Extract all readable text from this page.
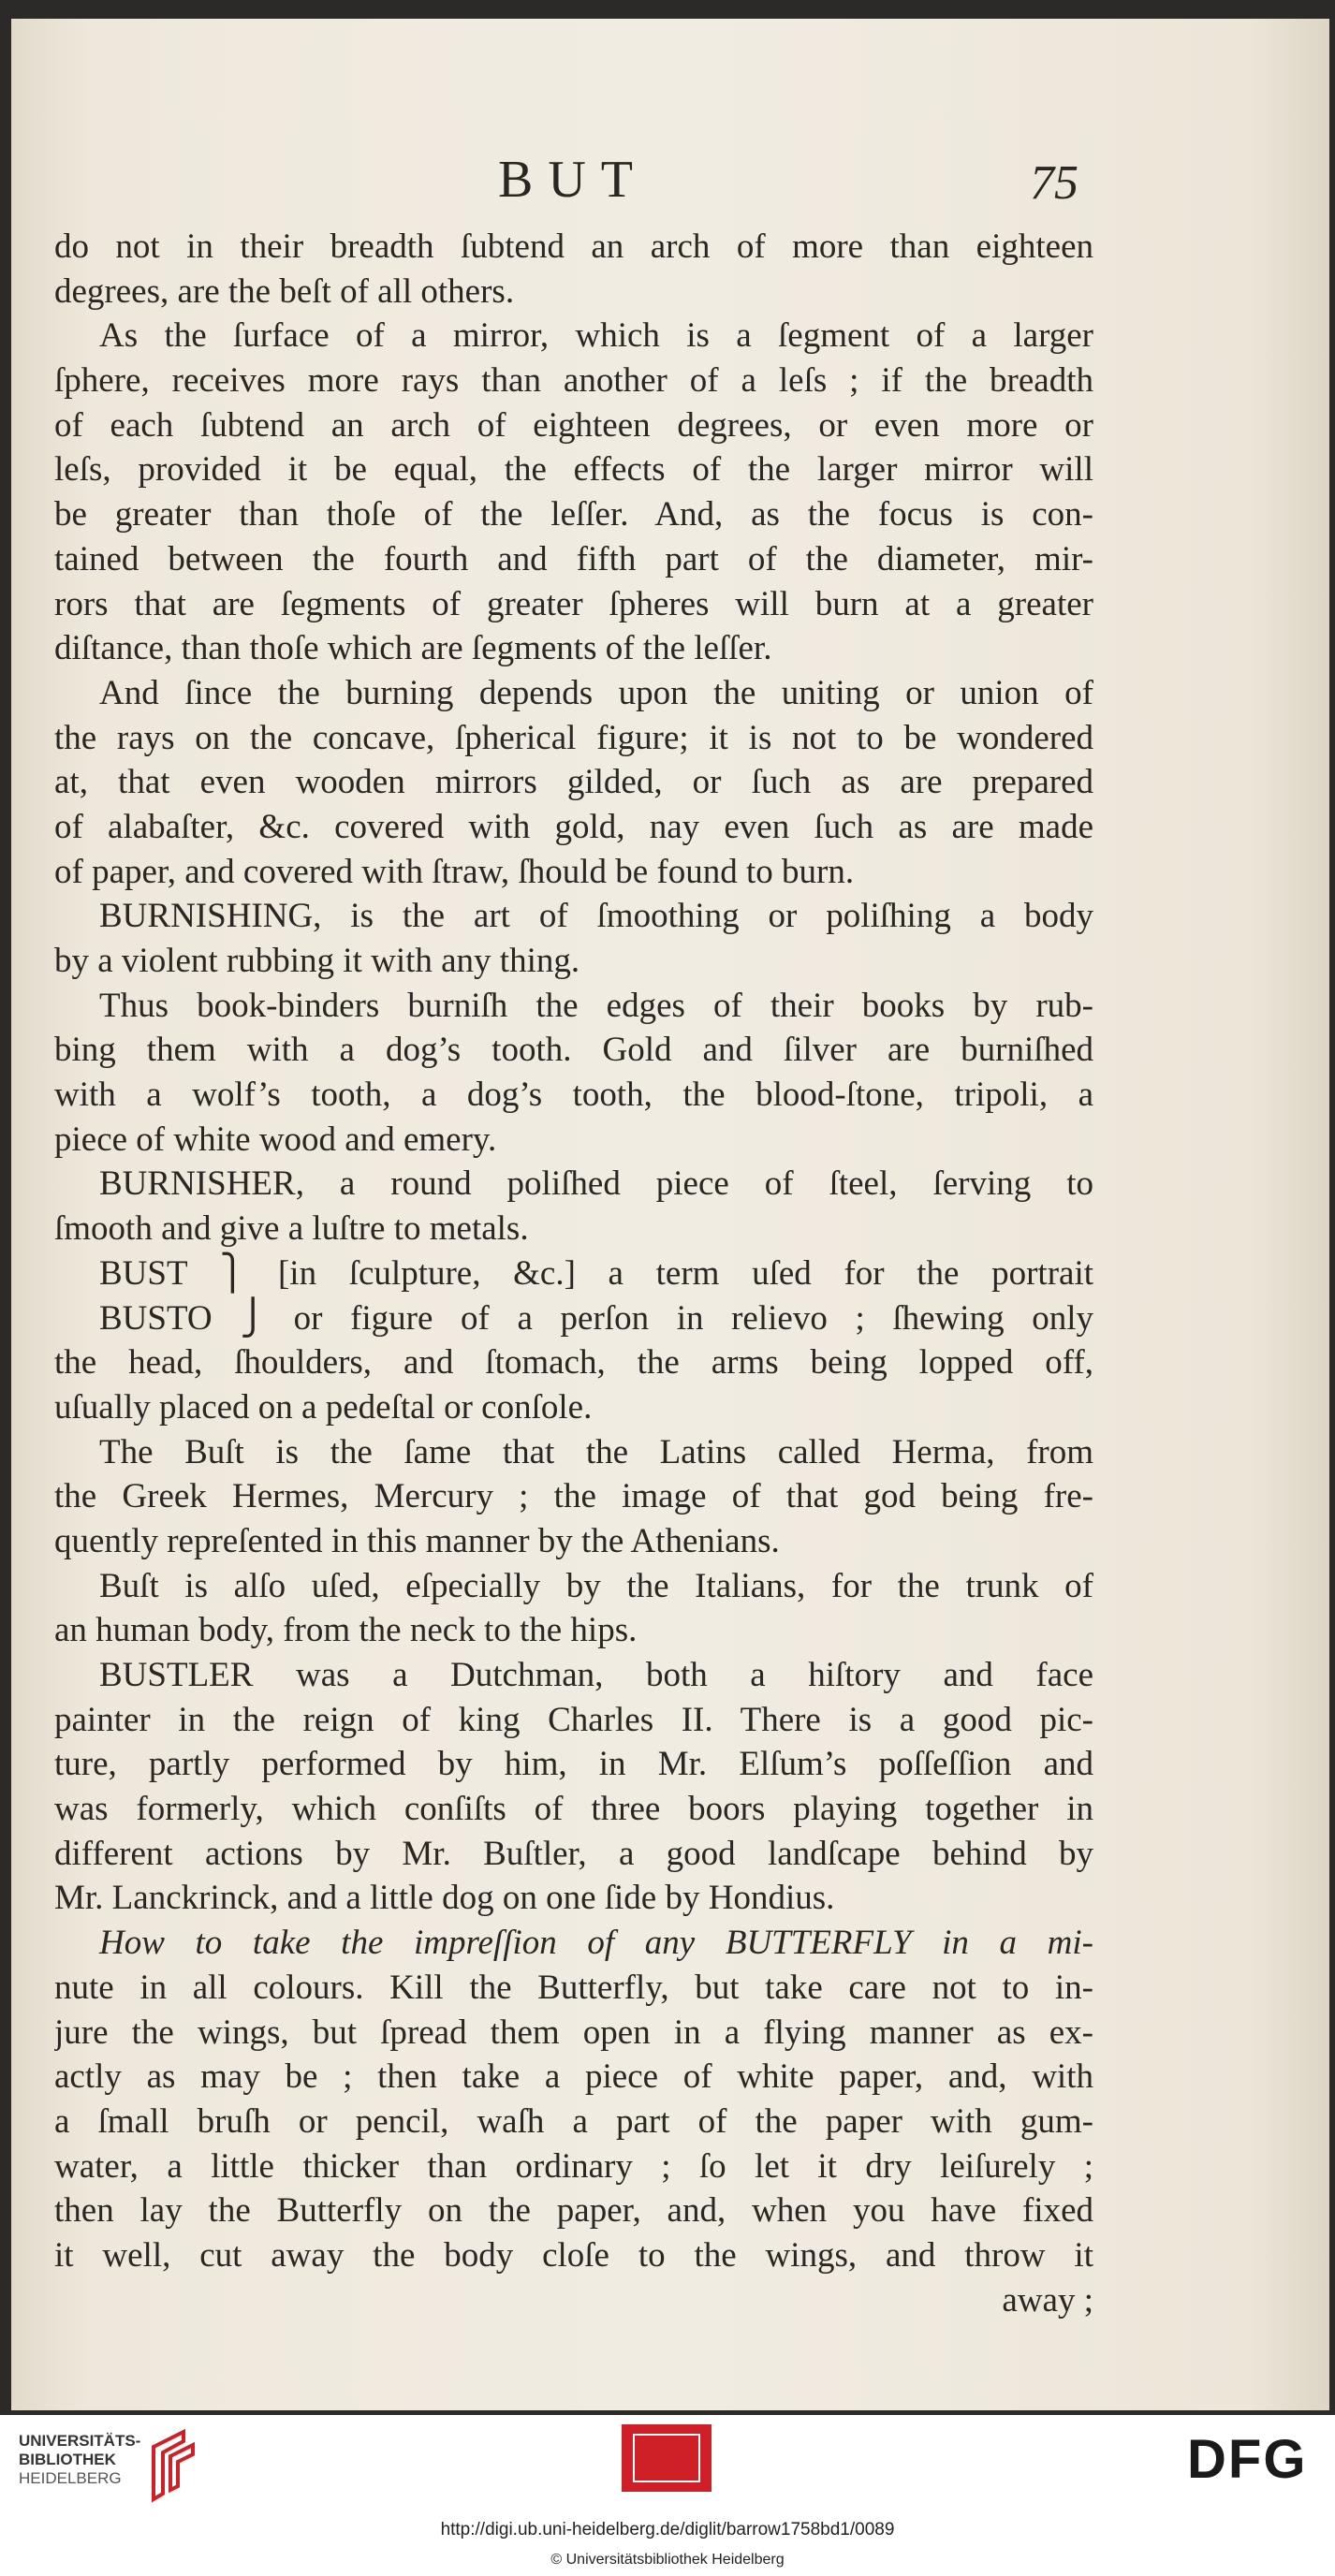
BUT	75
do not in their breadth ſubtend an arch of more than eighteen
degrees, are the beſt of all others.
As the ſurface of a mirror, which is a ſegment of a larger
ſphere, receives more rays than another of a leſs ; if the breadth
of each ſubtend an arch of eighteen degrees, or even more or
leſs, provided it be equal, the effects of the larger mirror will
be greater than thoſe of the leſſer. And, as the focus is con-
tained between the fourth and fifth part of the diameter, mir-
rors that are ſegments of greater ſpheres will burn at a greater
diſtance, than thoſe which are ſegments of the leſſer.
And ſince the burning depends upon the uniting or union of
the rays on the concave, ſpherical figure; it is not to be wondered
at, that even wooden mirrors gilded, or ſuch as are prepared
of alabaſter, &c. covered with gold, nay even ſuch as are made
of paper, and covered with ſtraw, ſhould be found to burn.
BURNISHING, is the art of ſmoothing or poliſhing a body
by a violent rubbing it with any thing.
Thus book-binders burniſh the edges of their books by rub-
bing them with a dog’s tooth. Gold and ſilver are burniſhed
with a wolf’s tooth, a dog’s tooth, the blood-ſtone, tripoli, a
piece of white wood and emery.
BURNISHER, a round poliſhed piece of ſteel, ſerving to
ſmooth and give a luſtre to metals.
BUST ⎫ [in ſculpture, &c.] a term uſed for the portrait
BUSTO ⎭ or figure of a perſon in relievo ; ſhewing only
the head, ſhoulders, and ſtomach, the arms being lopped off,
uſually placed on a pedeſtal or conſole.
The Buſt is the ſame that the Latins called Herma, from
the Greek Hermes, Mercury ; the image of that god being fre-
quently repreſented in this manner by the Athenians.
Buſt is alſo uſed, eſpecially by the Italians, for the trunk of
an human body, from the neck to the hips.
BUSTLER was a Dutchman, both a hiſtory and face
painter in the reign of king Charles II. There is a good pic-
ture, partly performed by him, in Mr. Elſum’s poſſeſſion and
was formerly, which conſiſts of three boors playing together in
different actions by Mr. Buſtler, a good landſcape behind by
Mr. Lanckrinck, and a little dog on one ſide by Hondius.
How to take the impreſſion of any BUTTERFLY in a mi-
nute in all colours. Kill the Butterfly, but take care not to in-
jure the wings, but ſpread them open in a flying manner as ex-
actly as may be ; then take a piece of white paper, and, with
a ſmall bruſh or pencil, waſh a part of the paper with gum-
water, a little thicker than ordinary ; ſo let it dry leiſurely ;
then lay the Butterfly on the paper, and, when you have fixed
it well, cut away the body cloſe to the wings, and throw it
away ;
UNIVERSITÄTS-
BIBLIOTHEK
HEIDELBERG	DFG
http://digi.ub.uni-heidelberg.de/diglit/barrow1758bd1/0089
© Universitätsbibliothek Heidelberg
